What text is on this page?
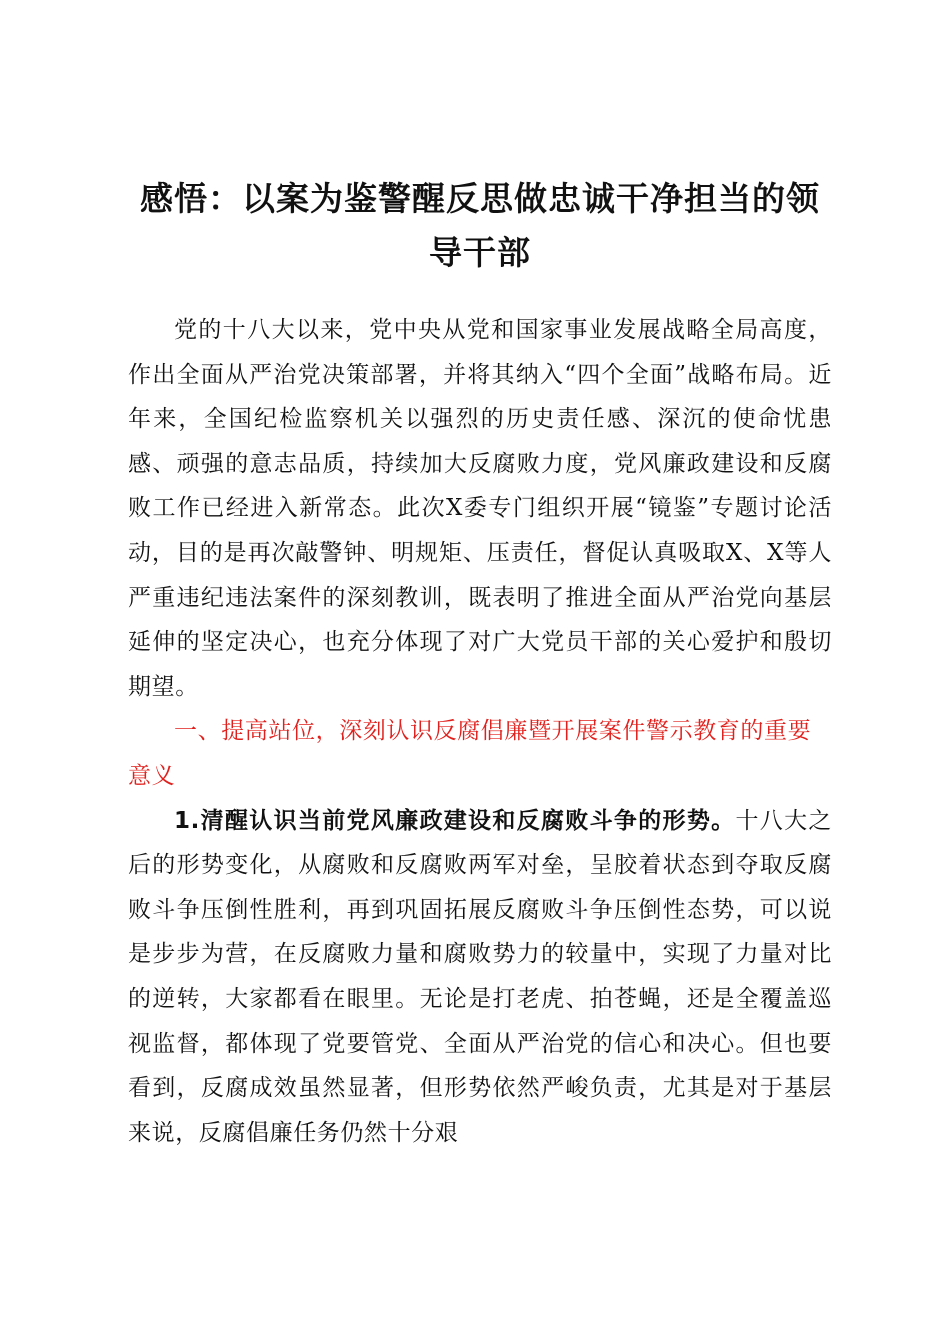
感悟：以案为鉴警醒反思做忠诚干净担当的领导干部

党的十八大以来，党中央从党和国家事业发展战略全局高度，作出全面从严治党决策部署，并将其纳入“四个全面”战略布局。近年来，全国纪检监察机关以强烈的历史责任感、深沉的使命忧患感、顽强的意志品质，持续加大反腐败力度，党风廉政建设和反腐败工作已经进入新常态。此次X委专门组织开展“镜鉴”专题讨论活动，目的是再次敲警钟、明规矩、压责任，督促认真吸取X、X等人严重违纪违法案件的深刻教训，既表明了推进全面从严治党向基层延伸的坚定决心，也充分体现了对广大党员干部的关心爱护和殷切期望。

一、提高站位，深刻认识反腐倡廉暨开展案件警示教育的重要意义

1.清醒认识当前党风廉政建设和反腐败斗争的形势。十八大之后的形势变化，从腐败和反腐败两军对垒，呈胶着状态到夺取反腐败斗争压倒性胜利，再到巩固拓展反腐败斗争压倒性态势，可以说是步步为营，在反腐败力量和腐败势力的较量中，实现了力量对比的逆转，大家都看在眼里。无论是打老虎、拍苍蝇，还是全覆盖巡视监督，都体现了党要管党、全面从严治党的信心和决心。但也要看到，反腐成效虽然显著，但形势依然严峻负责，尤其是对于基层来说，反腐倡廉任务仍然十分艰
